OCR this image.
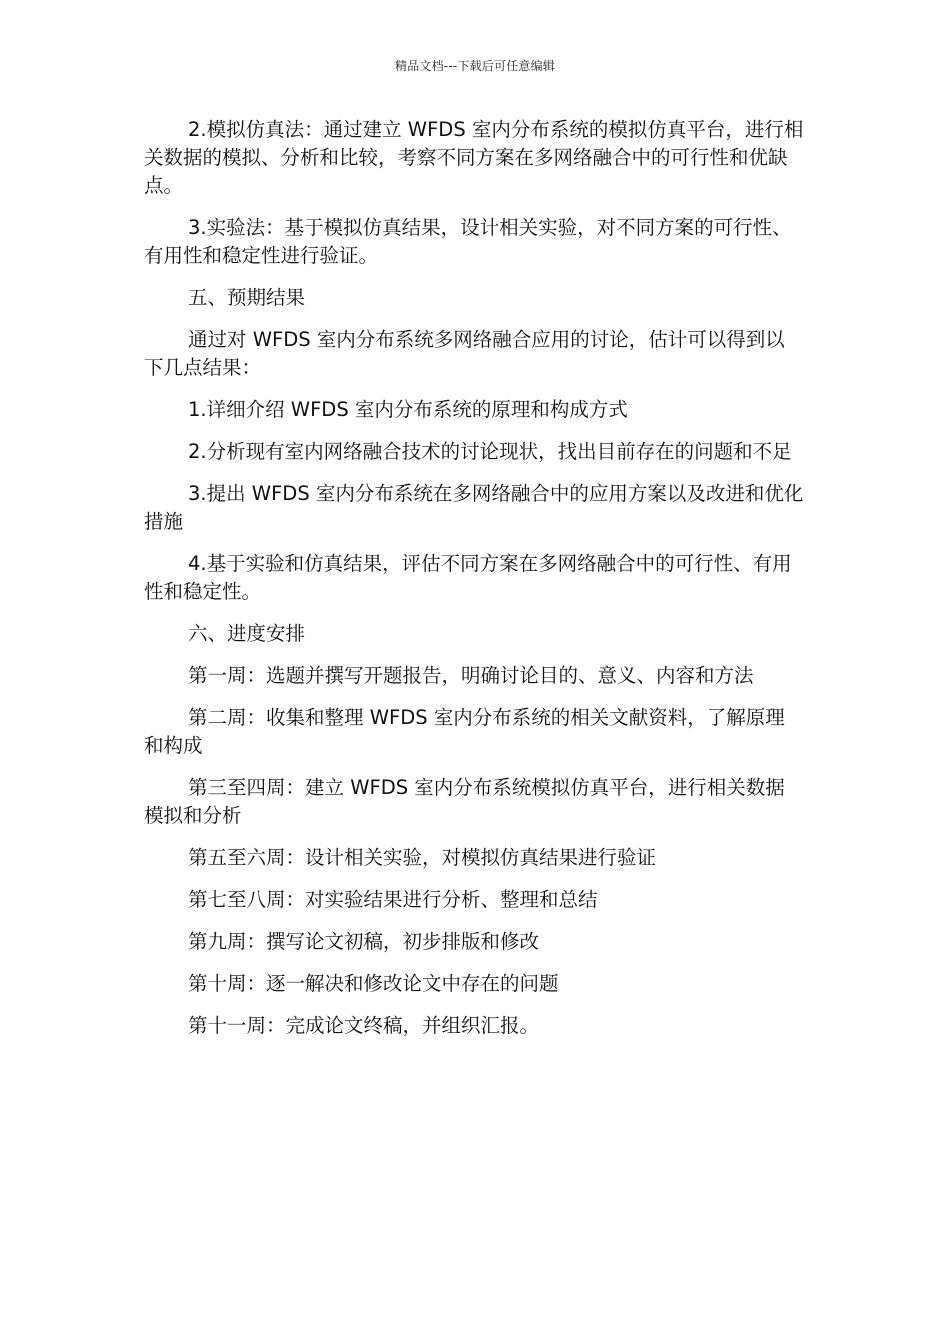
精品文档---下载后可任意编辑

2.模拟仿真法：通过建立 WFDS 室内分布系统的模拟仿真平台，进行相关数据的模拟、分析和比较，考察不同方案在多网络融合中的可行性和优缺点。

3.实验法：基于模拟仿真结果，设计相关实验，对不同方案的可行性、有用性和稳定性进行验证。

五、预期结果

通过对 WFDS 室内分布系统多网络融合应用的讨论，估计可以得到以下几点结果：

1.详细介绍 WFDS 室内分布系统的原理和构成方式

2.分析现有室内网络融合技术的讨论现状，找出目前存在的问题和不足

3.提出 WFDS 室内分布系统在多网络融合中的应用方案以及改进和优化措施

4.基于实验和仿真结果，评估不同方案在多网络融合中的可行性、有用性和稳定性。

六、进度安排

第一周：选题并撰写开题报告，明确讨论目的、意义、内容和方法

第二周：收集和整理 WFDS 室内分布系统的相关文献资料，了解原理和构成

第三至四周：建立 WFDS 室内分布系统模拟仿真平台，进行相关数据模拟和分析

第五至六周：设计相关实验，对模拟仿真结果进行验证

第七至八周：对实验结果进行分析、整理和总结

第九周：撰写论文初稿，初步排版和修改

第十周：逐一解决和修改论文中存在的问题

第十一周：完成论文终稿，并组织汇报。
